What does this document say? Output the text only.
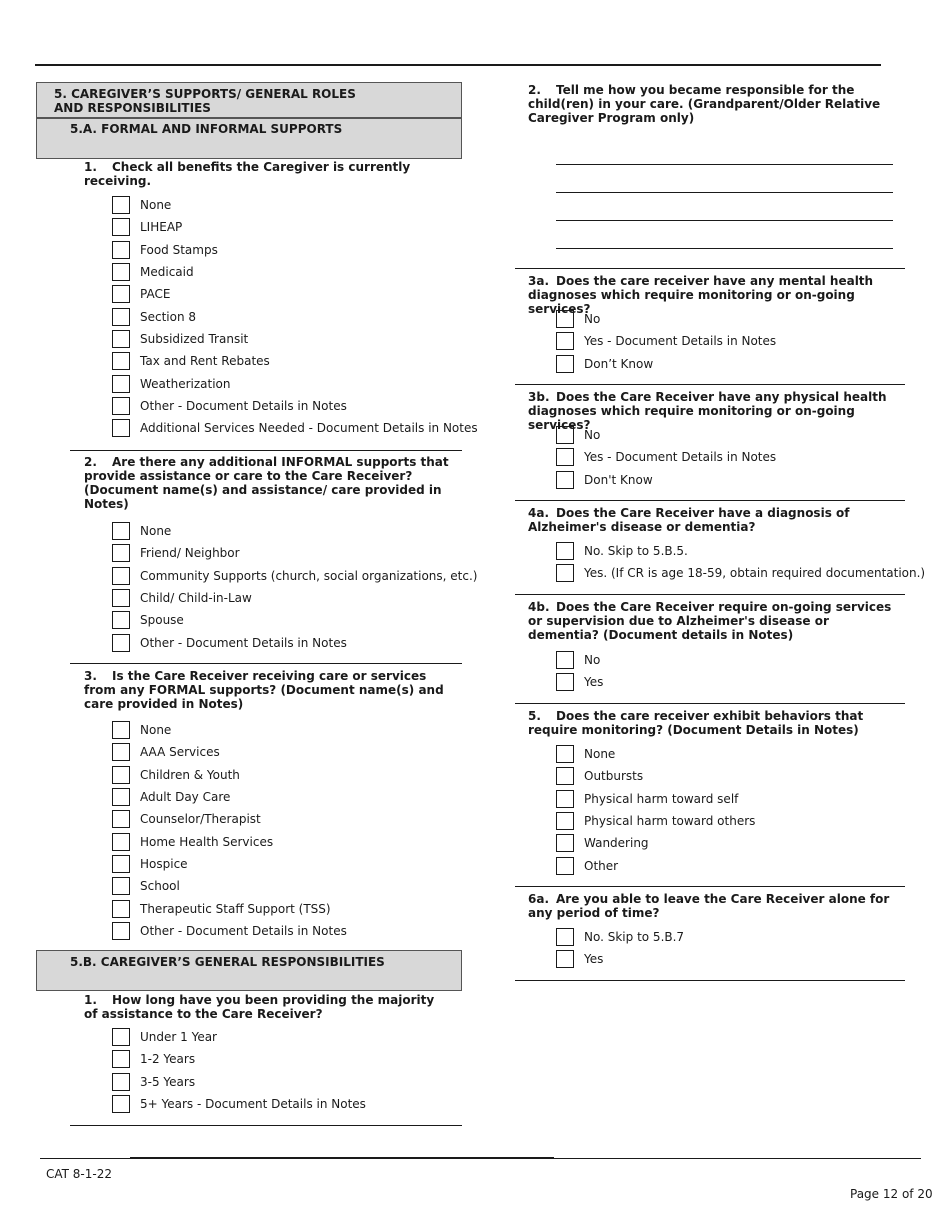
5. CAREGIVER’S SUPPORTS/ GENERAL ROLES AND RESPONSIBILITIES
5.A. FORMAL AND INFORMAL SUPPORTS
1. Check all benefits the Caregiver is currently receiving.
None
LIHEAP
Food Stamps
Medicaid
PACE
Section 8
Subsidized Transit
Tax and Rent Rebates
Weatherization
Other - Document Details in Notes
Additional Services Needed - Document Details in Notes
2. Are there any additional INFORMAL supports that provide assistance or care to the Care Receiver? (Document name(s) and assistance/ care provided in Notes)
None
Friend/ Neighbor
Community Supports (church, social organizations, etc.)
Child/ Child-in-Law
Spouse
Other - Document Details in Notes
3. Is the Care Receiver receiving care or services from any FORMAL supports? (Document name(s) and care provided in Notes)
None
AAA Services
Children & Youth
Adult Day Care
Counselor/Therapist
Home Health Services
Hospice
School
Therapeutic Staff Support (TSS)
Other - Document Details in Notes
5.B. CAREGIVER’S GENERAL RESPONSIBILITIES
1. How long have you been providing the majority of assistance to the Care Receiver?
Under 1 Year
1-2 Years
3-5 Years
5+ Years - Document Details in Notes
2. Tell me how you became responsible for the child(ren) in your care. (Grandparent/Older Relative Caregiver Program only)
3a. Does the care receiver have any mental health diagnoses which require monitoring or on-going services?
No
Yes - Document Details in Notes
Don’t Know
3b. Does the Care Receiver have any physical health diagnoses which require monitoring or on-going services?
No
Yes - Document Details in Notes
Don't Know
4a. Does the Care Receiver have a diagnosis of Alzheimer's disease or dementia?
No. Skip to 5.B.5.
Yes. (If CR is age 18-59, obtain required documentation.)
4b. Does the Care Receiver require on-going services or supervision due to Alzheimer's disease or dementia? (Document details in Notes)
No
Yes
5. Does the care receiver exhibit behaviors that require monitoring? (Document Details in Notes)
None
Outbursts
Physical harm toward self
Physical harm toward others
Wandering
Other
6a. Are you able to leave the Care Receiver alone for any period of time?
No. Skip to 5.B.7
Yes
CAT 8-1-22
Page 12 of 20
